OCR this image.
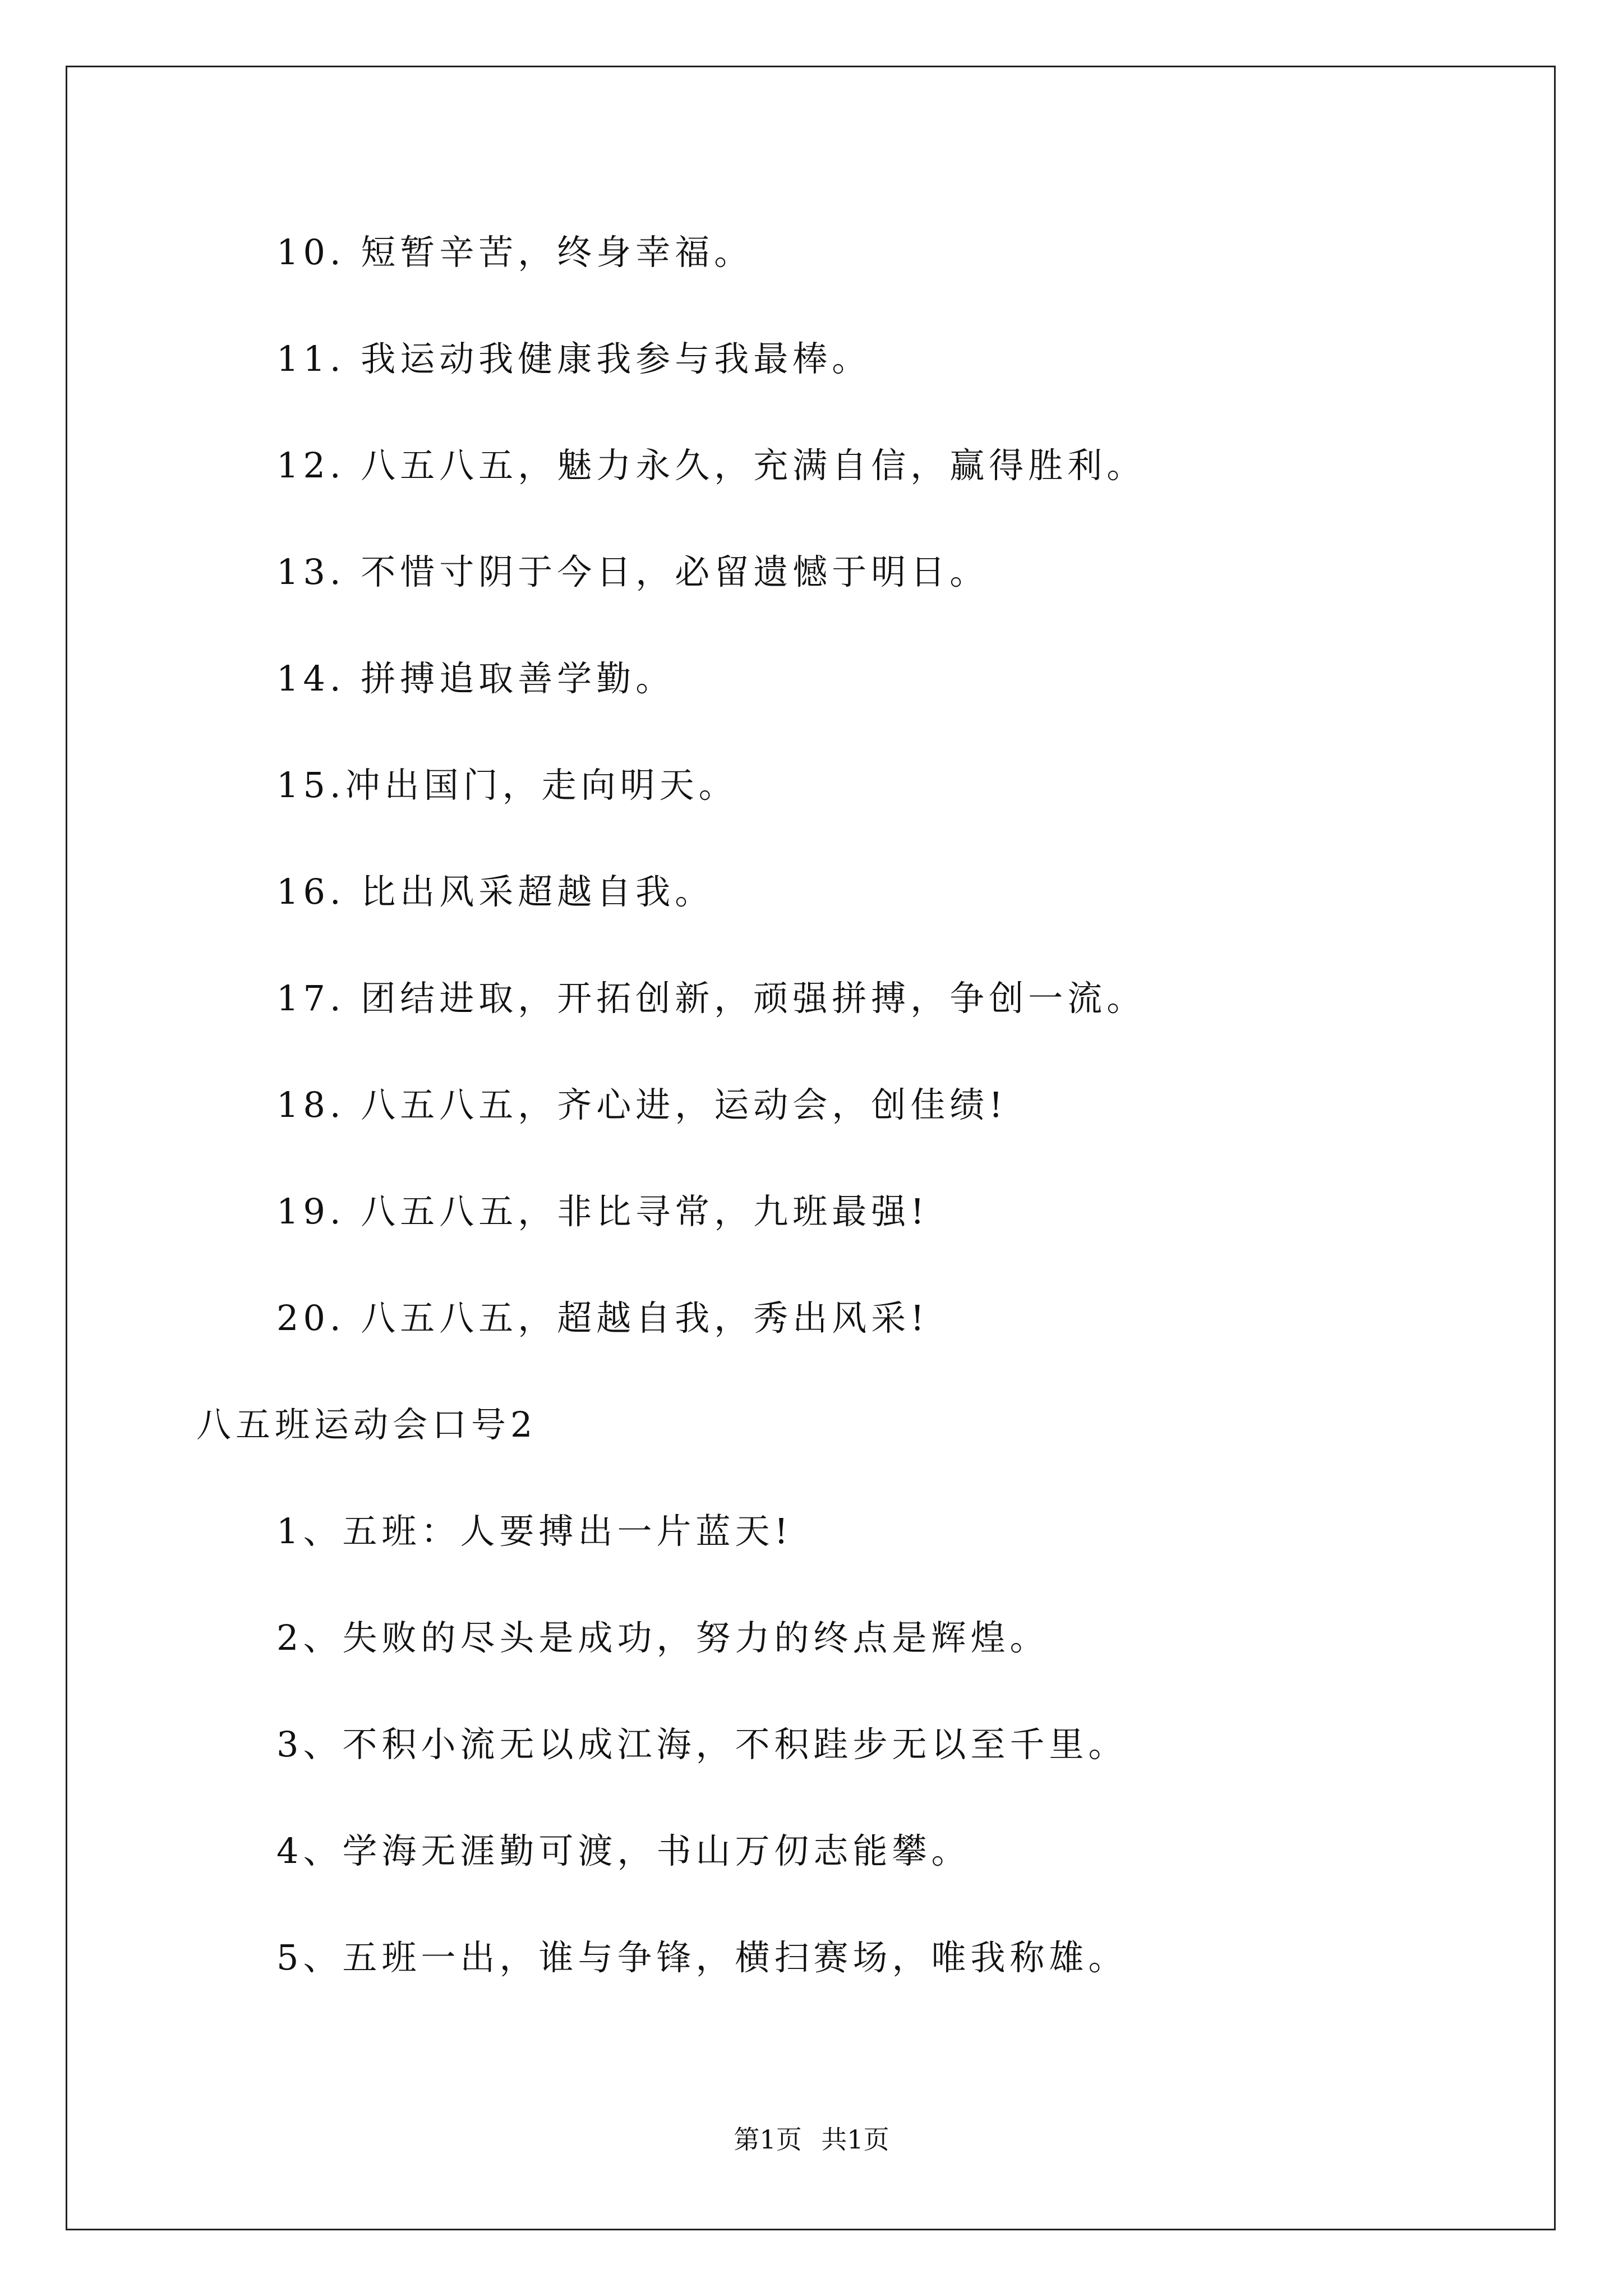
10. 短暂辛苦，终身幸福。
11. 我运动我健康我参与我最棒。
12. 八五八五，魅力永久，充满自信，赢得胜利。
13. 不惜寸阴于今日，必留遗憾于明日。
14. 拼搏追取善学勤。
15.冲出国门，走向明天。
16. 比出风采超越自我。
17. 团结进取，开拓创新，顽强拼搏，争创一流。
18. 八五八五，齐心进，运动会，创佳绩!
19. 八五八五，非比寻常，九班最强!
20. 八五八五，超越自我，秀出风采!
八五班运动会口号2
1、五班：人要搏出一片蓝天!
2、失败的尽头是成功，努力的终点是辉煌。
3、不积小流无以成江海，不积跬步无以至千里。
4、学海无涯勤可渡，书山万仞志能攀。
5、五班一出，谁与争锋，横扫赛场，唯我称雄。
第1页 共1页
